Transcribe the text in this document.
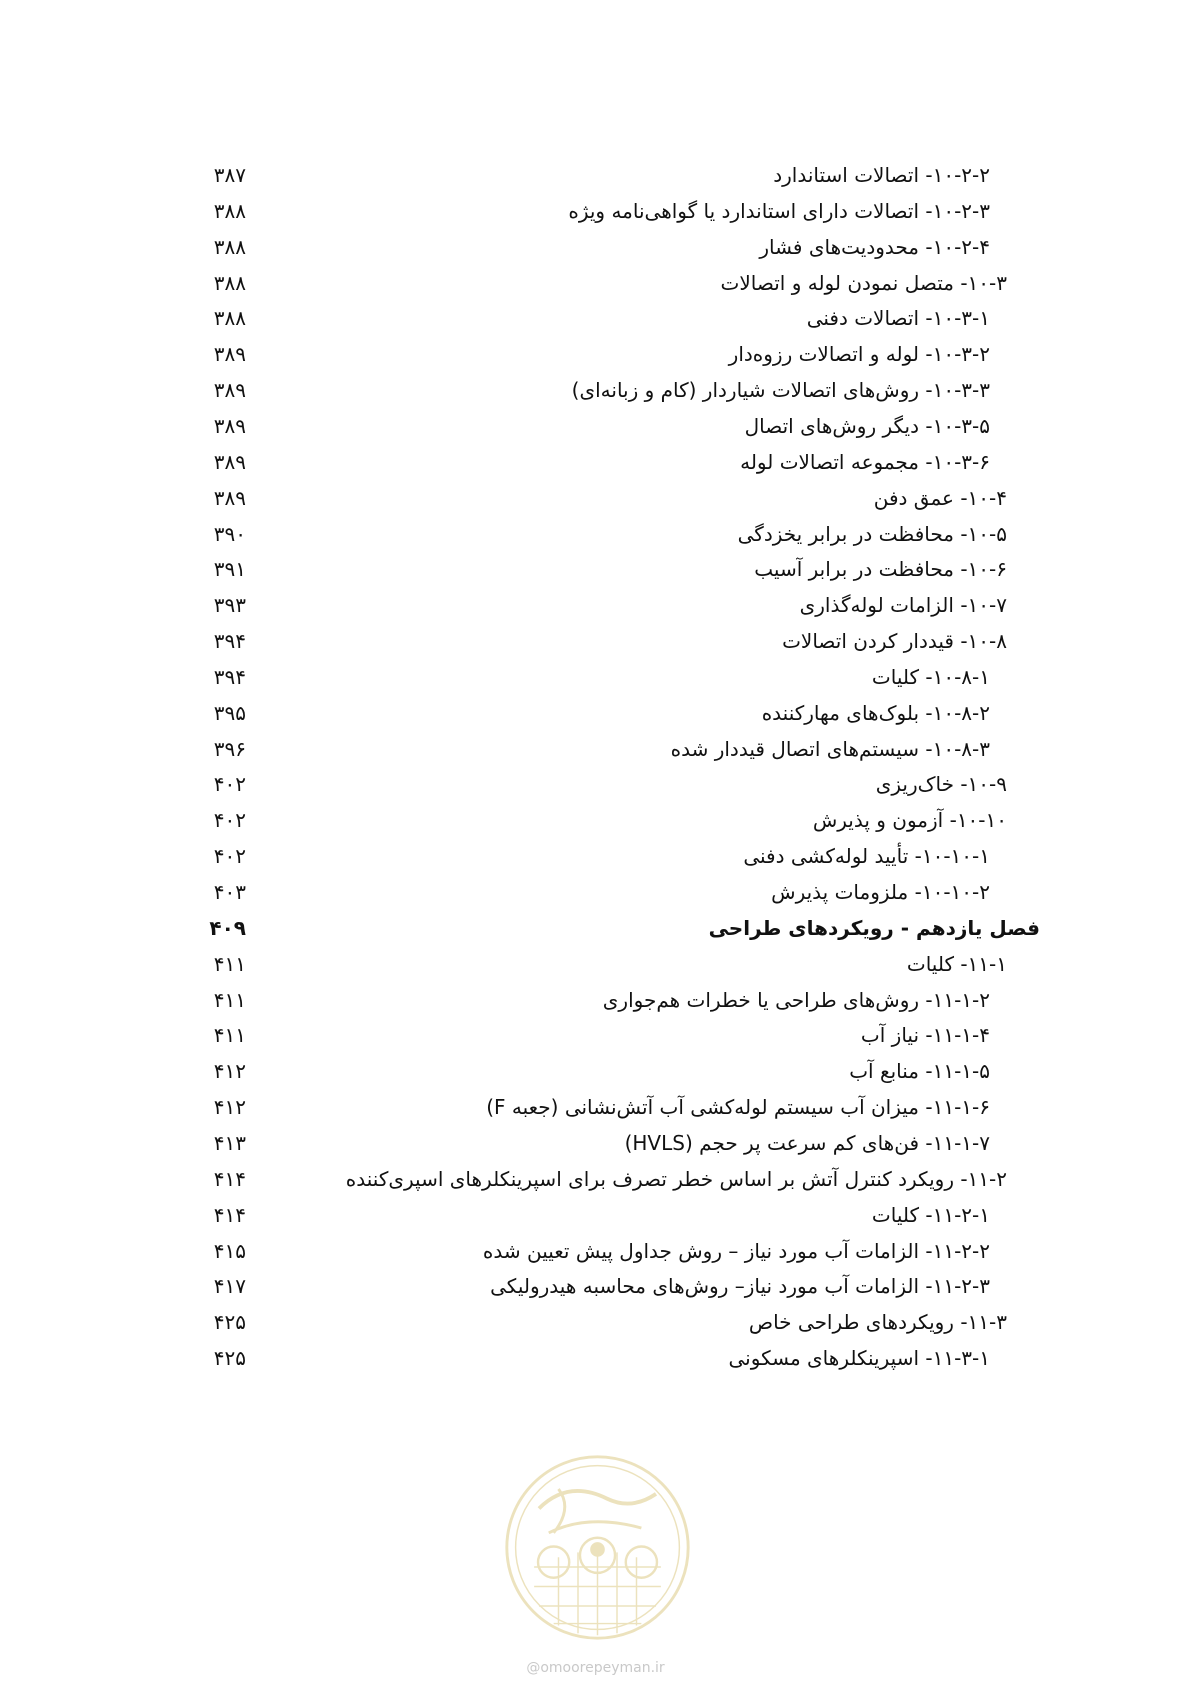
۱۰-۲-۲- اتصالات استاندارد
۳۸۷
۱۰-۲-۳- اتصالات دارای استاندارد یا گواهی‌نامه ویژه
۳۸۸
۱۰-۲-۴- محدودیت‌های فشار
۳۸۸
۱۰-۳- متصل نمودن لوله و اتصالات
۳۸۸
۱۰-۳-۱- اتصالات دفنی
۳۸۸
۱۰-۳-۲- لوله و اتصالات رزوه‌دار
۳۸۹
۱۰-۳-۳- روش‌های اتصالات شیاردار (کام و زبانه‌ای)
۳۸۹
۱۰-۳-۵- دیگر روش‌های اتصال
۳۸۹
۱۰-۳-۶- مجموعه اتصالات لوله
۳۸۹
۱۰-۴- عمق دفن
۳۸۹
۱۰-۵- محافظت در برابر یخزدگی
۳۹۰
۱۰-۶- محافظت در برابر آسیب
۳۹۱
۱۰-۷- الزامات لوله‌گذاری
۳۹۳
۱۰-۸- قیددار کردن اتصالات
۳۹۴
۱۰-۸-۱- کلیات
۳۹۴
۱۰-۸-۲- بلوک‌های مهارکننده
۳۹۵
۱۰-۸-۳- سیستم‌های اتصال قیددار شده
۳۹۶
۱۰-۹- خاک‌ریزی
۴۰۲
۱۰-۱۰- آزمون و پذیرش
۴۰۲
۱۰-۱۰-۱- تأیید لوله‌کشی دفنی
۴۰۲
۱۰-۱۰-۲- ملزومات پذیرش
۴۰۳
فصل یازدهم - رویکردهای طراحی
۴۰۹
۱۱-۱- کلیات
۴۱۱
۱۱-۱-۲- روش‌های طراحی یا خطرات هم‌جواری
۴۱۱
۱۱-۱-۴- نیاز آب
۴۱۱
۱۱-۱-۵- منابع آب
۴۱۲
۱۱-۱-۶- میزان آب سیستم لوله‌کشی آب آتش‌نشانی (جعبه F)
۴۱۲
۱۱-۱-۷- فن‌های کم سرعت پر حجم (HVLS)
۴۱۳
۱۱-۲- رویکرد کنترل آتش بر اساس خطر تصرف برای اسپرینکلرهای اسپری‌کننده
۴۱۴
۱۱-۲-۱- کلیات
۴۱۴
۱۱-۲-۲- الزامات آب مورد نیاز – روش جداول پیش تعیین شده
۴۱۵
۱۱-۲-۳- الزامات آب مورد نیاز– روش‌های محاسبه هیدرولیکی
۴۱۷
۱۱-۳- رویکردهای طراحی خاص
۴۲۵
۱۱-۳-۱- اسپرینکلرهای مسکونی
۴۲۵
@omoorepeyman.ir
